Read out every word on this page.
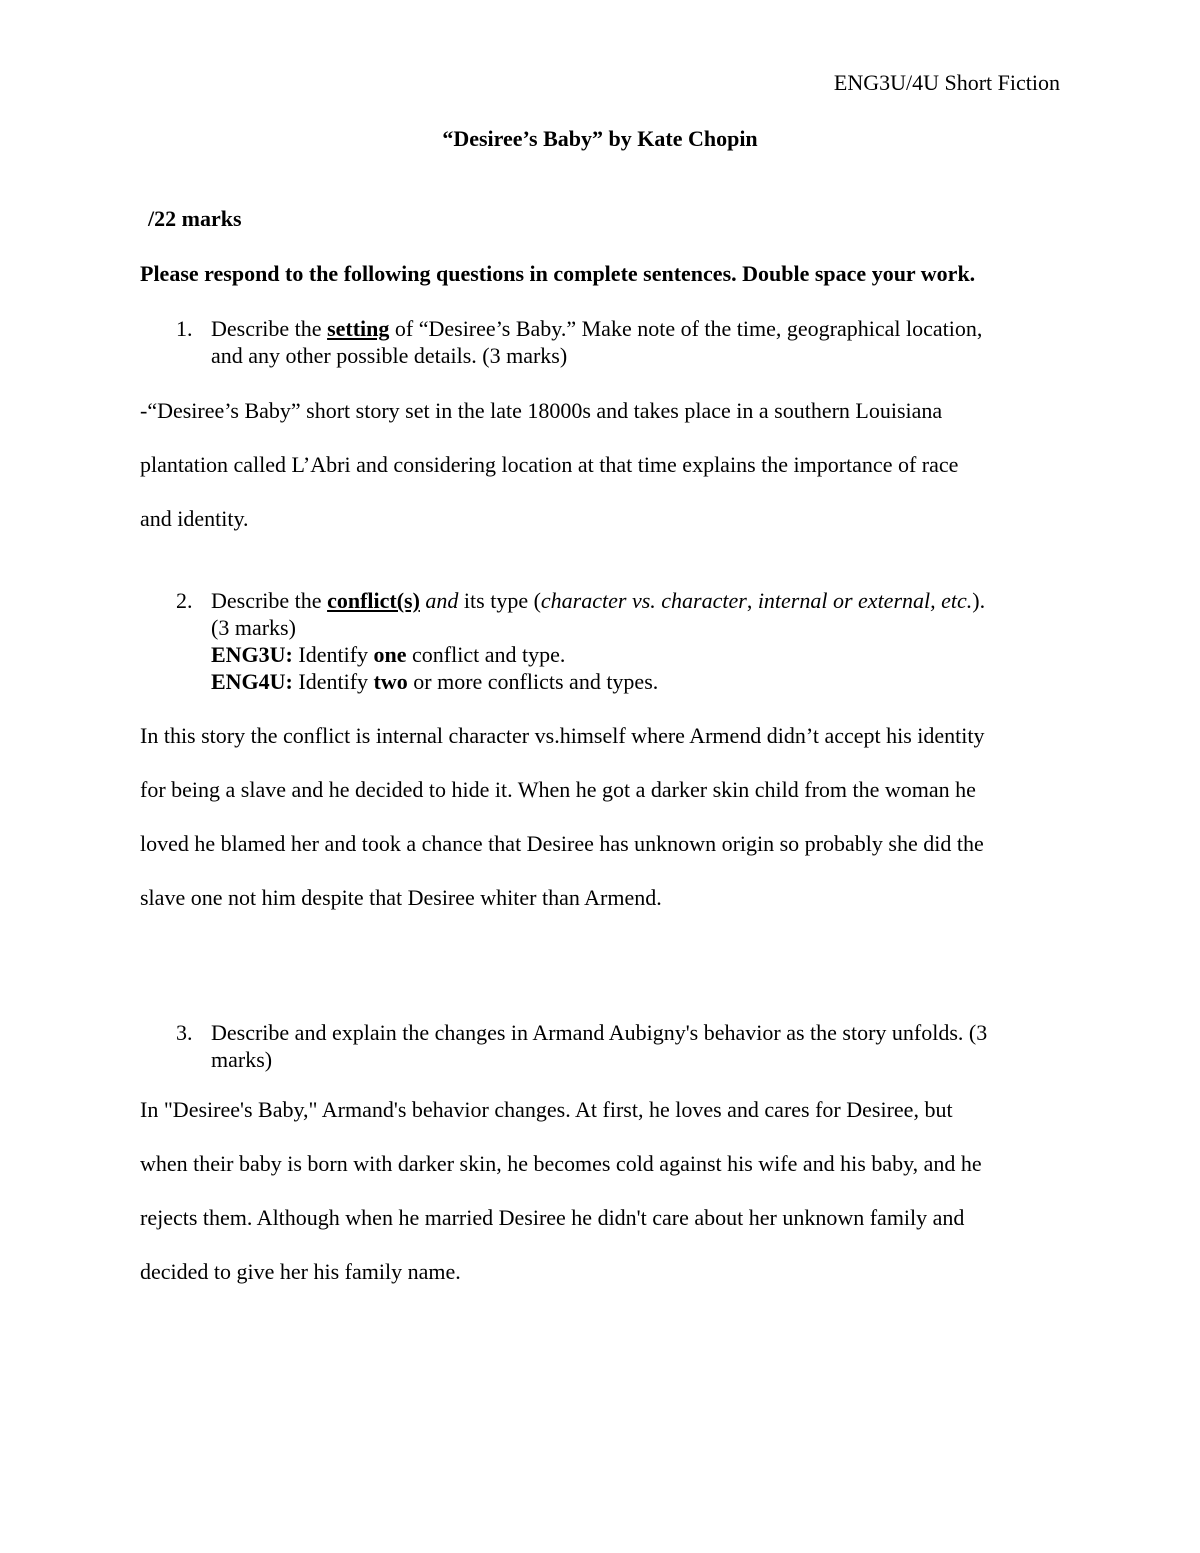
ENG3U/4U Short Fiction
“Desiree’s Baby” by Kate Chopin
/22 marks
Please respond to the following questions in complete sentences. Double space your work.
1. Describe the setting of “Desiree’s Baby.” Make note of the time, geographical location,
and any other possible details. (3 marks)
-“Desiree’s Baby” short story set in the late 18000s and takes place in a southern Louisiana
plantation called L’Abri and considering location at that time explains the importance of race
and identity.
2. Describe the conflict(s) and its type (character vs. character, internal or external, etc.).
(3 marks)
ENG3U: Identify one conflict and type.
ENG4U: Identify two or more conflicts and types.
In this story the conflict is internal character vs.himself where Armend didn’t accept his identity
for being a slave and he decided to hide it. When he got a darker skin child from the woman he
loved he blamed her and took a chance that Desiree has unknown origin so probably she did the
slave one not him despite that Desiree whiter than Armend.
3. Describe and explain the changes in Armand Aubigny's behavior as the story unfolds. (3
marks)
In "Desiree's Baby," Armand's behavior changes. At first, he loves and cares for Desiree, but
when their baby is born with darker skin, he becomes cold against his wife and his baby, and he
rejects them. Although when he married Desiree he didn't care about her unknown family and
decided to give her his family name.
